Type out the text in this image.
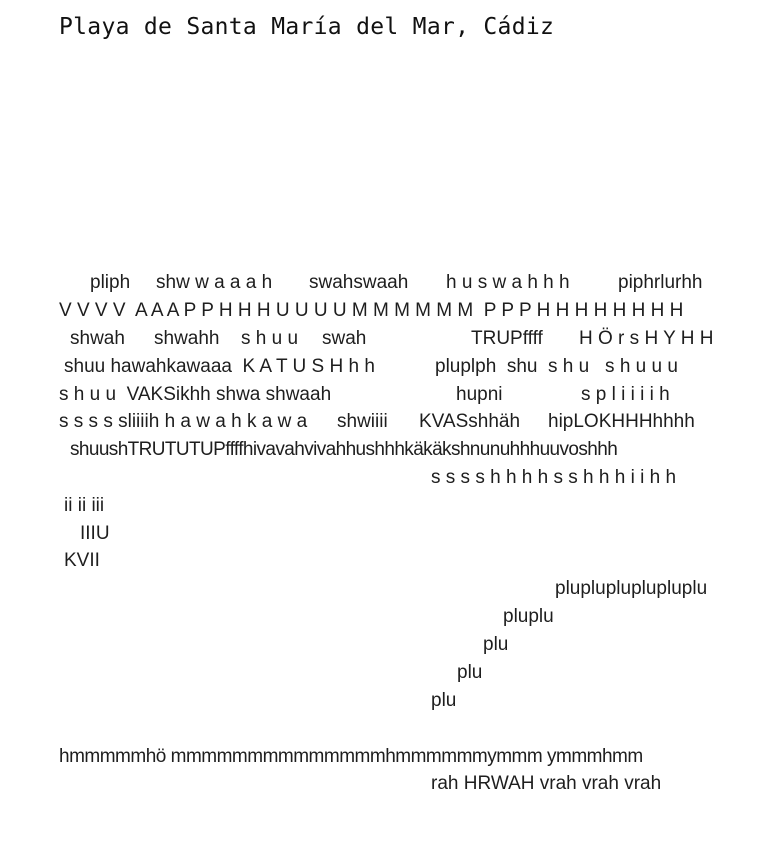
Playa de Santa María del Mar, Cádiz
pliph shw w a a a h swahswaah h u s w a h h h	piphrlurhh
V V V V  A A A P P H H H U U U U M M M M M M  P P P H H H H H H H H
shwah shwahh s h u u swah	TRUPffff H Ö r s H Y H H
shuu hawahkawaaa  K A T U S H h h	pluplph  shu  s h u   s h u u u
s h u u  VAKSikhh shwa shwaah	hupni	s p l i i i i h
s s s s sliiiih h a w a h k a w a shwiiii KVASshhäh hipLOKHHHhhhh
shuushTRUTUTUPffffhivavahvivahhushhhkäkäkshnunuhhhuuvoshhh
s s s s h h h h s s h h h i i h h
ii ii iii
IIIU
KVII
pluplupluplupluplu
pluplu
plu
plu
plu
hmmmmmhö mmmmmmmmmmmmmmhmmmmmmymmm ymmmhmm
rah HRWAH vrah vrah vrah
